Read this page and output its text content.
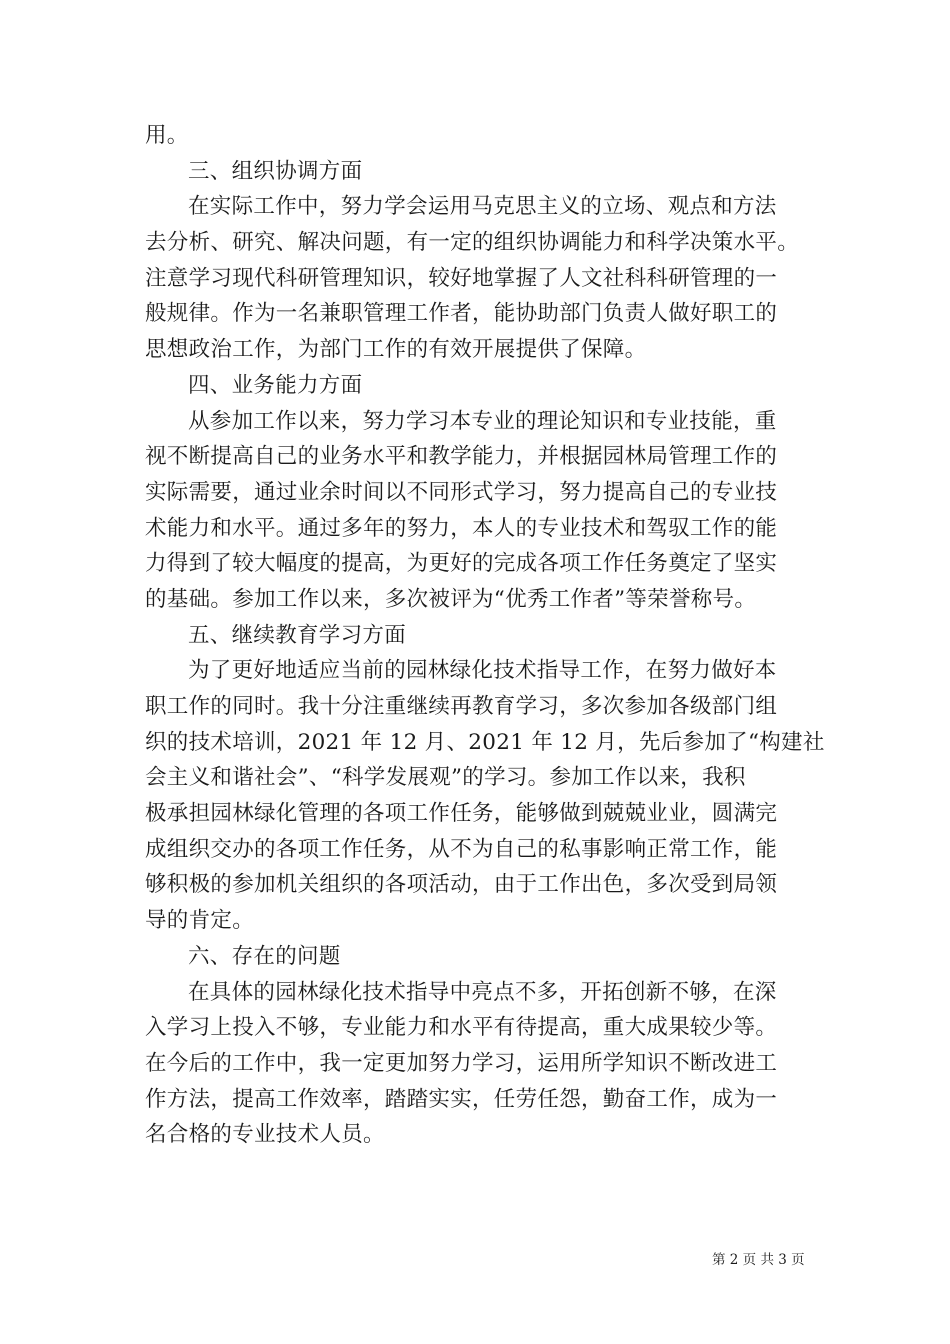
用。
三、组织协调方面
在实际工作中，努力学会运用马克思主义的立场、观点和方法
去分析、研究、解决问题，有一定的组织协调能力和科学决策水平。
注意学习现代科研管理知识，较好地掌握了人文社科科研管理的一
般规律。作为一名兼职管理工作者，能协助部门负责人做好职工的
思想政治工作，为部门工作的有效开展提供了保障。
四、业务能力方面
从参加工作以来，努力学习本专业的理论知识和专业技能，重
视不断提高自己的业务水平和教学能力，并根据园林局管理工作的
实际需要，通过业余时间以不同形式学习，努力提高自己的专业技
术能力和水平。通过多年的努力，本人的专业技术和驾驭工作的能
力得到了较大幅度的提高，为更好的完成各项工作任务奠定了坚实
的基础。参加工作以来，多次被评为“优秀工作者”等荣誉称号。
五、继续教育学习方面
为了更好地适应当前的园林绿化技术指导工作，在努力做好本
职工作的同时。我十分注重继续再教育学习，多次参加各级部门组
织的技术培训，2021 年 12 月、2021 年 12 月，先后参加了“构建社
会主义和谐社会”、“科学发展观”的学习。参加工作以来，我积
极承担园林绿化管理的各项工作任务，能够做到兢兢业业，圆满完
成组织交办的各项工作任务，从不为自己的私事影响正常工作，能
够积极的参加机关组织的各项活动，由于工作出色，多次受到局领
导的肯定。
六、存在的问题
在具体的园林绿化技术指导中亮点不多，开拓创新不够，在深
入学习上投入不够，专业能力和水平有待提高，重大成果较少等。
在今后的工作中，我一定更加努力学习，运用所学知识不断改进工
作方法，提高工作效率，踏踏实实，任劳任怨，勤奋工作，成为一
名合格的专业技术人员。
第 2 页 共 3 页
